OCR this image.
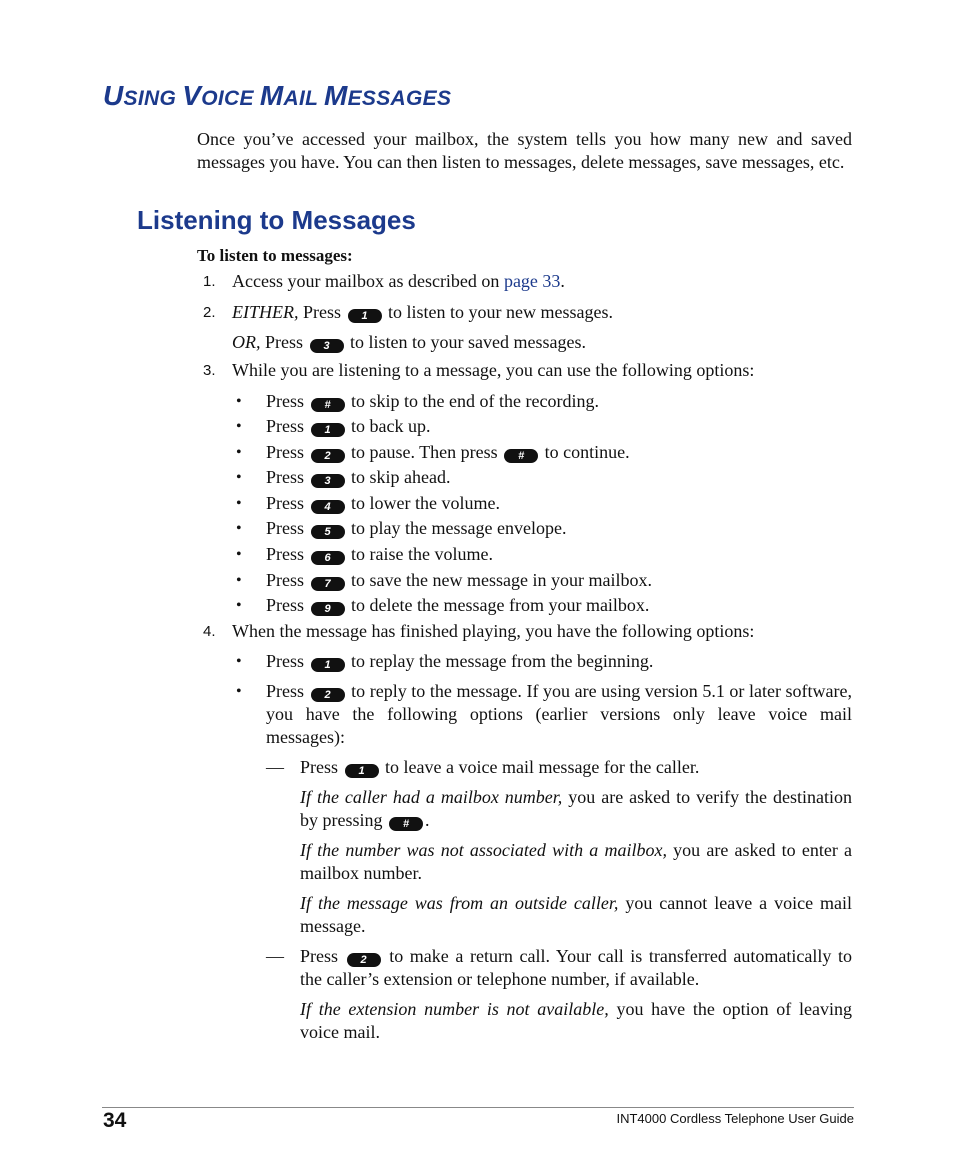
USING VOICE MAIL MESSAGES

Once you’ve accessed your mailbox, the system tells you how many new and saved messages you have. You can then listen to messages, delete messages, save messages, etc.

Listening to Messages
To listen to messages:
1. Access your mailbox as described on page 33.
2. EITHER, Press 1 to listen to your new messages.
OR, Press 3 to listen to your saved messages.
3. While you are listening to a message, you can use the following options:
• Press # to skip to the end of the recording.
• Press 1 to back up.
• Press 2 to pause. Then press # to continue.
• Press 3 to skip ahead.
• Press 4 to lower the volume.
• Press 5 to play the message envelope.
• Press 6 to raise the volume.
• Press 7 to save the new message in your mailbox.
• Press 9 to delete the message from your mailbox.
4. When the message has finished playing, you have the following options:
• Press 1 to replay the message from the beginning.
• Press 2 to reply to the message. If you are using version 5.1 or later software, you have the following options (earlier versions only leave voice mail messages):
— Press 1 to leave a voice mail message for the caller.
If the caller had a mailbox number, you are asked to verify the destination by pressing # .
If the number was not associated with a mailbox, you are asked to enter a mailbox number.
If the message was from an outside caller, you cannot leave a voice mail message.
— Press 2 to make a return call. Your call is transferred automatically to the caller’s extension or telephone number, if available.
If the extension number is not available, you have the option of leaving voice mail.
34	INT4000 Cordless Telephone User Guide
